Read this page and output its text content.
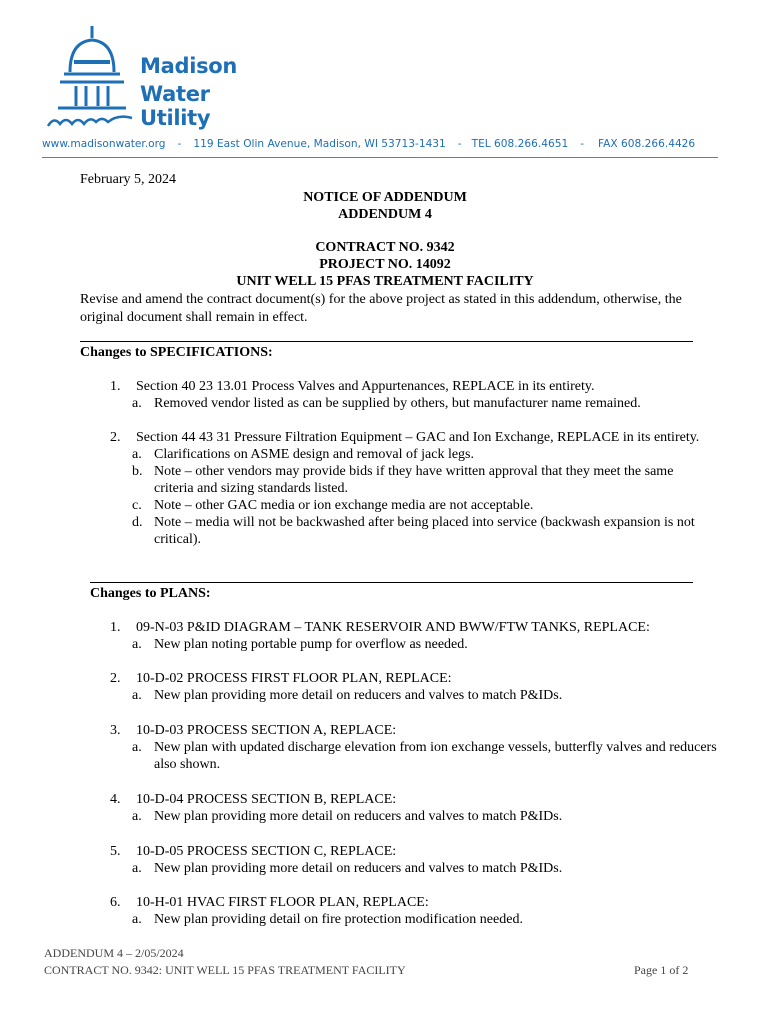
Madison
Water Utility
www.madisonwater.org - 119 East Olin Avenue, Madison, WI 53713-1431 - TEL 608.266.4651 - FAX 608.266.4426
February 5, 2024
NOTICE OF ADDENDUM
ADDENDUM 4
CONTRACT NO. 9342
PROJECT NO. 14092
UNIT WELL 15 PFAS TREATMENT FACILITY
Revise and amend the contract document(s) for the above project as stated in this addendum, otherwise, the original document shall remain in effect.
Changes to SPECIFICATIONS:
1. Section 40 23 13.01 Process Valves and Appurtenances, REPLACE in its entirety.
a. Removed vendor listed as can be supplied by others, but manufacturer name remained.
2. Section 44 43 31 Pressure Filtration Equipment – GAC and Ion Exchange, REPLACE in its entirety.
a. Clarifications on ASME design and removal of jack legs.
b. Note – other vendors may provide bids if they have written approval that they meet the same criteria and sizing standards listed.
c. Note – other GAC media or ion exchange media are not acceptable.
d. Note – media will not be backwashed after being placed into service (backwash expansion is not critical).
Changes to PLANS:
1. 09-N-03 P&ID DIAGRAM – TANK RESERVOIR AND BWW/FTW TANKS, REPLACE:
a. New plan noting portable pump for overflow as needed.
2. 10-D-02 PROCESS FIRST FLOOR PLAN, REPLACE:
a. New plan providing more detail on reducers and valves to match P&IDs.
3. 10-D-03 PROCESS SECTION A, REPLACE:
a. New plan with updated discharge elevation from ion exchange vessels, butterfly valves and reducers also shown.
4. 10-D-04 PROCESS SECTION B, REPLACE:
a. New plan providing more detail on reducers and valves to match P&IDs.
5. 10-D-05 PROCESS SECTION C, REPLACE:
a. New plan providing more detail on reducers and valves to match P&IDs.
6. 10-H-01 HVAC FIRST FLOOR PLAN, REPLACE:
a. New plan providing detail on fire protection modification needed.
ADDENDUM 4 – 2/05/2024
CONTRACT NO. 9342: UNIT WELL 15 PFAS TREATMENT FACILITY	Page 1 of 2
